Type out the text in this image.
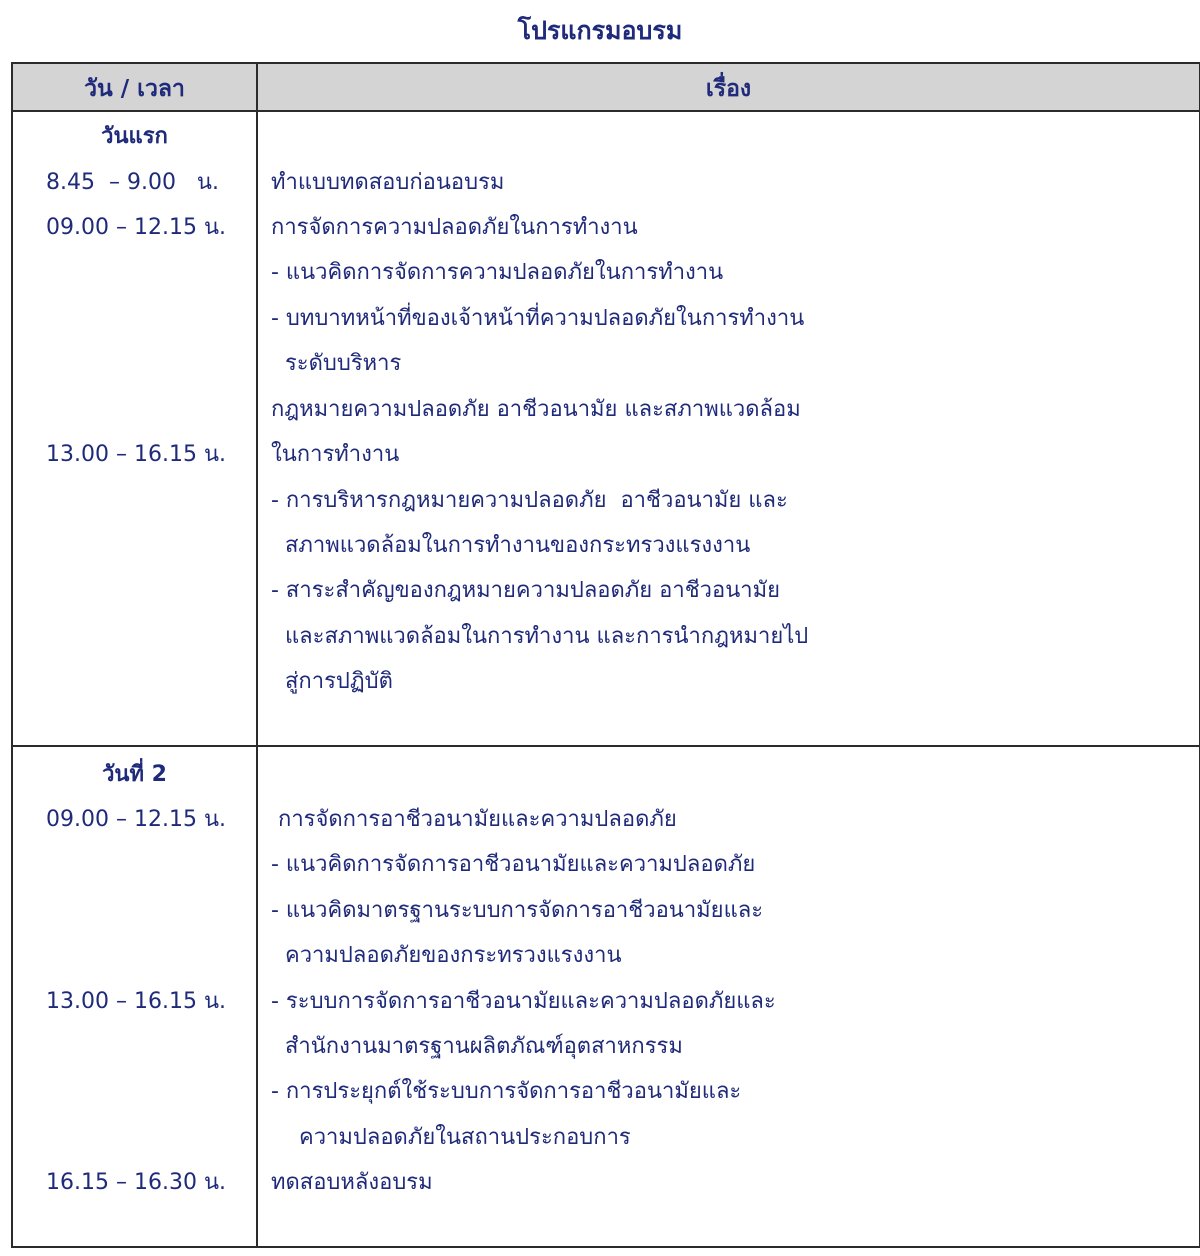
โปรแกรมอบรม
วัน / เวลา	เรื่อง
วันแรก
8.45  – 9.00   น.
09.00 – 12.15 น.
13.00 – 16.15 น.
ทำแบบทดสอบก่อนอบรม
การจัดการความปลอดภัยในการทำงาน
- แนวคิดการจัดการความปลอดภัยในการทำงาน
- บทบาทหน้าที่ของเจ้าหน้าที่ความปลอดภัยในการทำงาน
ระดับบริหาร
กฎหมายความปลอดภัย อาชีวอนามัย และสภาพแวดล้อม
ในการทำงาน
- การบริหารกฎหมายความปลอดภัย  อาชีวอนามัย และ
สภาพแวดล้อมในการทำงานของกระทรวงแรงงาน
- สาระสำคัญของกฎหมายความปลอดภัย อาชีวอนามัย
และสภาพแวดล้อมในการทำงาน และการนำกฎหมายไป
สู่การปฏิบัติ
วันที่ 2
09.00 – 12.15 น.
13.00 – 16.15 น.
16.15 – 16.30 น.
การจัดการอาชีวอนามัยและความปลอดภัย
- แนวคิดการจัดการอาชีวอนามัยและความปลอดภัย
- แนวคิดมาตรฐานระบบการจัดการอาชีวอนามัยและ
ความปลอดภัยของกระทรวงแรงงาน
- ระบบการจัดการอาชีวอนามัยและความปลอดภัยและ
สำนักงานมาตรฐานผลิตภัณฑ์อุตสาหกรรม
- การประยุกต์ใช้ระบบการจัดการอาชีวอนามัยและ
ความปลอดภัยในสถานประกอบการ
ทดสอบหลังอบรม
